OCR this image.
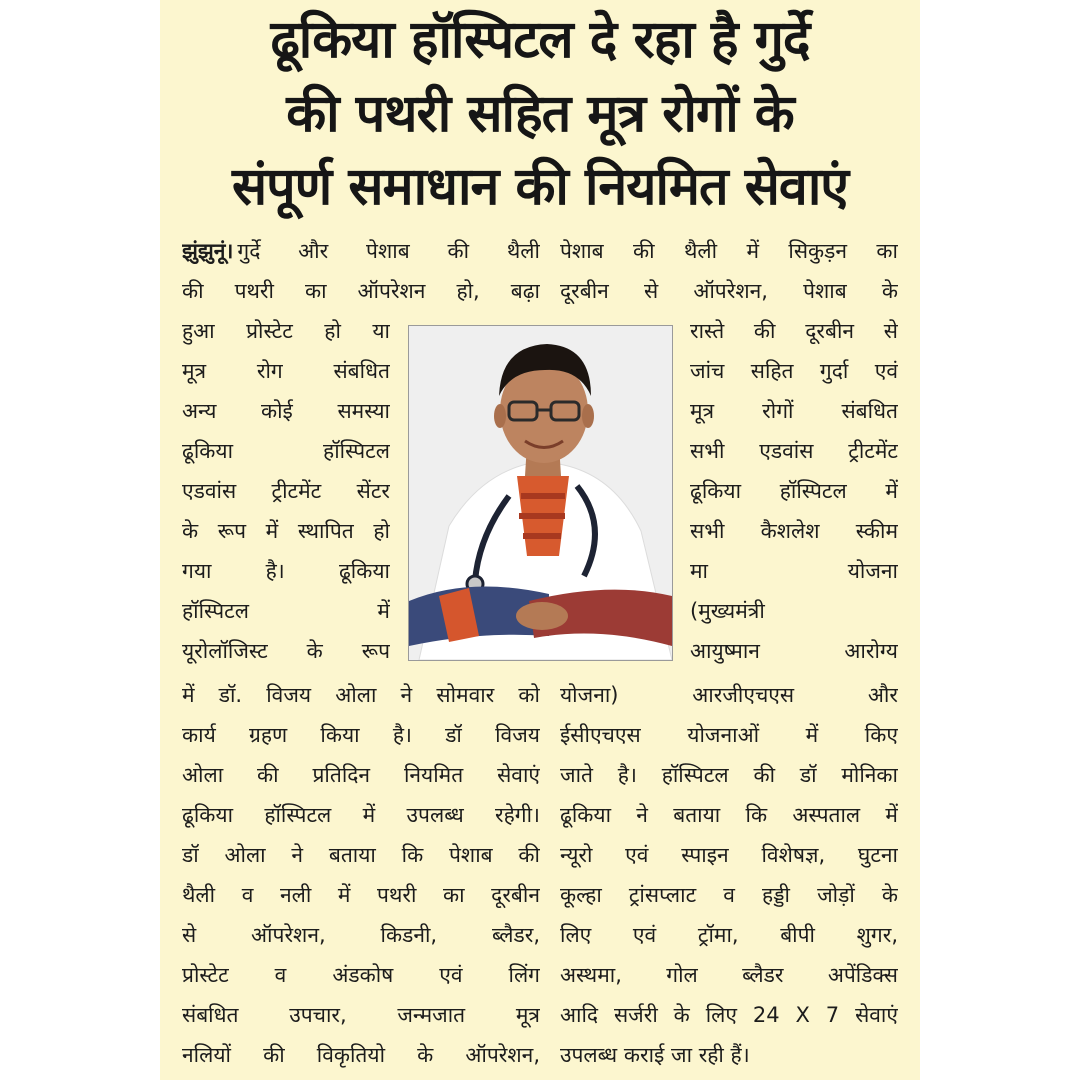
ढूकिया हॉस्पिटल दे रहा है गुर्दे
की पथरी सहित मूत्र रोगों के
संपूर्ण समाधान की नियमित सेवाएं
झुंझुनूं। गुर्दे और पेशाब की थैली
की पथरी का ऑपरेशन हो, बढ़ा
हुआ प्रोस्टेट हो या
मूत्र रोग संबधित
अन्य कोई समस्या
ढूकिया हॉस्पिटल
एडवांस ट्रीटमेंट सेंटर
के रूप में स्थापित हो
गया है। ढूकिया
हॉस्पिटल में
यूरोलॉजिस्ट के रूप
में डॉ. विजय ओला ने सोमवार को
कार्य ग्रहण किया है। डॉ विजय
ओला की प्रतिदिन नियमित सेवाएं
ढूकिया हॉस्पिटल में उपलब्ध रहेगी।
डॉ ओला ने बताया कि पेशाब की
थैली व नली में पथरी का दूरबीन
से ऑपरेशन, किडनी, ब्लैडर,
प्रोस्टेट व अंडकोष एवं लिंग
संबधित उपचार, जन्मजात मूत्र
नलियों की विकृतियो के ऑपरेशन,
पेशाब की थैली में सिकुड़न का
दूरबीन से ऑपरेशन, पेशाब के
रास्ते की दूरबीन से
जांच सहित गुर्दा एवं
मूत्र रोगों संबधित
सभी एडवांस ट्रीटमेंट
ढूकिया हॉस्पिटल में
सभी कैशलेश स्कीम
मा योजना
(मुख्यमंत्री
आयुष्मान आरोग्य
योजना) आरजीएचएस और
ईसीएचएस योजनाओं में किए
जाते है। हॉस्पिटल की डॉ मोनिका
ढूकिया ने बताया कि अस्पताल में
न्यूरो एवं स्पाइन विशेषज्ञ, घुटना
कूल्हा ट्रांसप्लाट व हड्डी जोड़ों के
लिए एवं ट्रॉमा, बीपी शुगर,
अस्थमा, गोल ब्लैडर अपेंडिक्स
आदि सर्जरी के लिए 24 X 7 सेवाएं
उपलब्ध कराई जा रही हैं।
